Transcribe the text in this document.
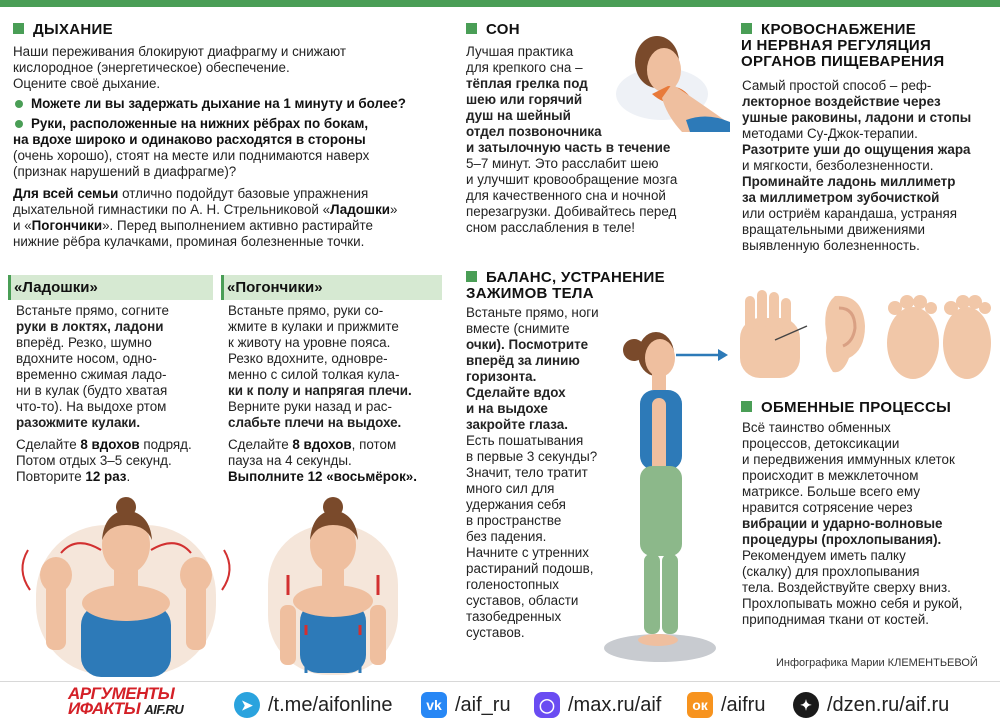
ДЫХАНИЕ

Наши переживания блокируют диафрагму и снижают

кислородное (энергетическое) обеспечение.

Оцените своё дыхание.

Можете ли вы задержать дыхание на 1 минуту и более?

Руки, расположенные на нижних рёбрах по бокам,

на вдохе широко и одинаково расходятся в стороны

(очень хорошо), стоят на месте или поднимаются наверх

(признак нарушений в диафрагме)?

Для всей семьи отлично подойдут базовые упражнения

дыхательной гимнастики по А. Н. Стрельниковой «Ладошки»

и «Погончики». Перед выполнением активно растирайте

нижние рёбра кулачками, проминая болезненные точки.

«Ладошки»

Встаньте прямо, согните

руки в локтях, ладони

вперёд. Резко, шумно

вдохните носом, одно-

временно сжимая ладо-

ни в кулак (будто хватая

что-то). На выдохе ртом

разожмите кулаки.

Сделайте 8 вдохов подряд.

Потом отдых 3–5 секунд.

Повторите 12 раз.

«Погончики»

Встаньте прямо, руки со-

жмите в кулаки и прижмите

к животу на уровне пояса.

Резко вдохните, одновре-

менно с силой толкая кула-

ки к полу и напрягая плечи.

Верните руки назад и рас-

слабьте плечи на выдохе.

Сделайте 8 вдохов, потом

пауза на 4 секунды.

Выполните 12 «восьмёрок».

СОН

Лучшая практика

для крепкого сна –

тёплая грелка под

шею или горячий

душ на шейный

отдел позвоночника

и затылочную часть в течение

5–7 минут. Это расслабит шею

и улучшит кровообращение мозга

для качественного сна и ночной

перезагрузки. Добивайтесь перед

сном расслабления в теле!

БАЛАНС, УСТРАНЕНИЕ
ЗАЖИМОВ ТЕЛА

Встаньте прямо, ноги

вместе (снимите

очки). Посмотрите

вперёд за линию

горизонта.

Сделайте вдох

и на выдохе

закройте глаза.

Есть пошатывания

в первые 3 секунды?

Значит, тело тратит

много сил для

удержания себя

в пространстве

без падения.

Начните с утренних

растираний подошв,

голеностопных

суставов, области

тазобедренных

суставов.

КРОВОСНАБЖЕНИЕ
И НЕРВНАЯ РЕГУЛЯЦИЯ
ОРГАНОВ ПИЩЕВАРЕНИЯ

Самый простой способ – реф-

лекторное воздействие через

ушные раковины, ладони и стопы

методами Су-Джок-терапии.

Разотрите уши до ощущения жара

и мягкости, безболезненности.

Проминайте ладонь миллиметр

за миллиметром зубочисткой

или остриём карандаша, устраняя

вращательными движениями

выявленную болезненность.

ОБМЕННЫЕ ПРОЦЕССЫ

Всё таинство обменных

процессов, детоксикации

и передвижения иммунных клеток

происходит в межклеточном

матриксе. Больше всего ему

нравится сотрясение через

вибрации и ударно-волновые

процедуры (прохлопывания).

Рекомендуем иметь палку

(скалку) для прохлопывания

тела. Воздействуйте сверху вниз.

Прохлопывать можно себя и рукой,

приподнимая ткани от костей.

Инфографика Марии КЛЕМЕНТЬЕВОЙ
АРГУМЕНТЫ
ИФАКТЫ AIF.RU	➤ /t.me/aifonline	vk /aif_ru	◯ /max.ru/aif	ок /aifru	✦ /dzen.ru/aif.ru
